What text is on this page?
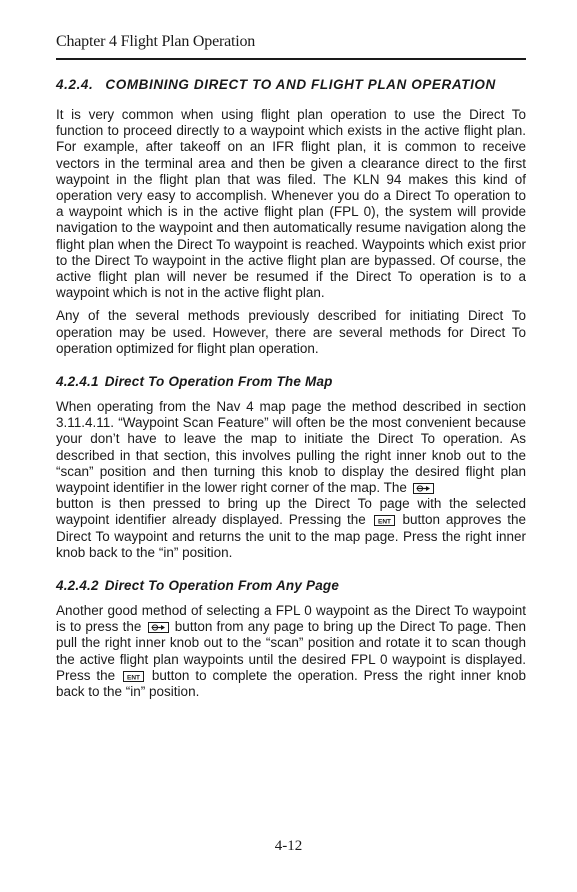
Chapter 4 Flight Plan Operation
4.2.4. COMBINING DIRECT TO AND FLIGHT PLAN OPERATION

It is very common when using flight plan operation to use the Direct To function to proceed directly to a waypoint which exists in the active flight plan. For example, after takeoff on an IFR flight plan, it is common to receive vectors in the terminal area and then be given a clearance direct to the first waypoint in the flight plan that was filed. The KLN 94 makes this kind of operation very easy to accomplish. Whenever you do a Direct To operation to a waypoint which is in the active flight plan (FPL 0), the system will provide navigation to the waypoint and then automatically resume navigation along the flight plan when the Direct To waypoint is reached. Waypoints which exist prior to the Direct To waypoint in the active flight plan are bypassed. Of course, the active flight plan will never be resumed if the Direct To operation is to a waypoint which is not in the active flight plan.

Any of the several methods previously described for initiating Direct To operation may be used. However, there are several methods for Direct To operation optimized for flight plan operation.

4.2.4.1 Direct To Operation From The Map

When operating from the Nav 4 map page the method described in section 3.11.4.11. “Waypoint Scan Feature” will often be the most convenient because your don’t have to leave the map to initiate the Direct To operation. As described in that section, this involves pulling the right inner knob out to the “scan” position and then turning this knob to display the desired flight plan waypoint identifier in the lower right corner of the map. The

button is then pressed to bring up the Direct To page with the selected waypoint identifier already displayed. Pressing the ENT button approves the Direct To waypoint and returns the unit to the map page. Press the right inner knob back to the “in” position.

4.2.4.2 Direct To Operation From Any Page

Another good method of selecting a FPL 0 waypoint as the Direct To waypoint is to press the button from any page to bring up the Direct To page. Then pull the right inner knob out to the “scan” position and rotate it to scan though the active flight plan waypoints until the desired FPL 0 waypoint is displayed. Press the ENT button to complete the operation. Press the right inner knob back to the “in” position.

4-12
